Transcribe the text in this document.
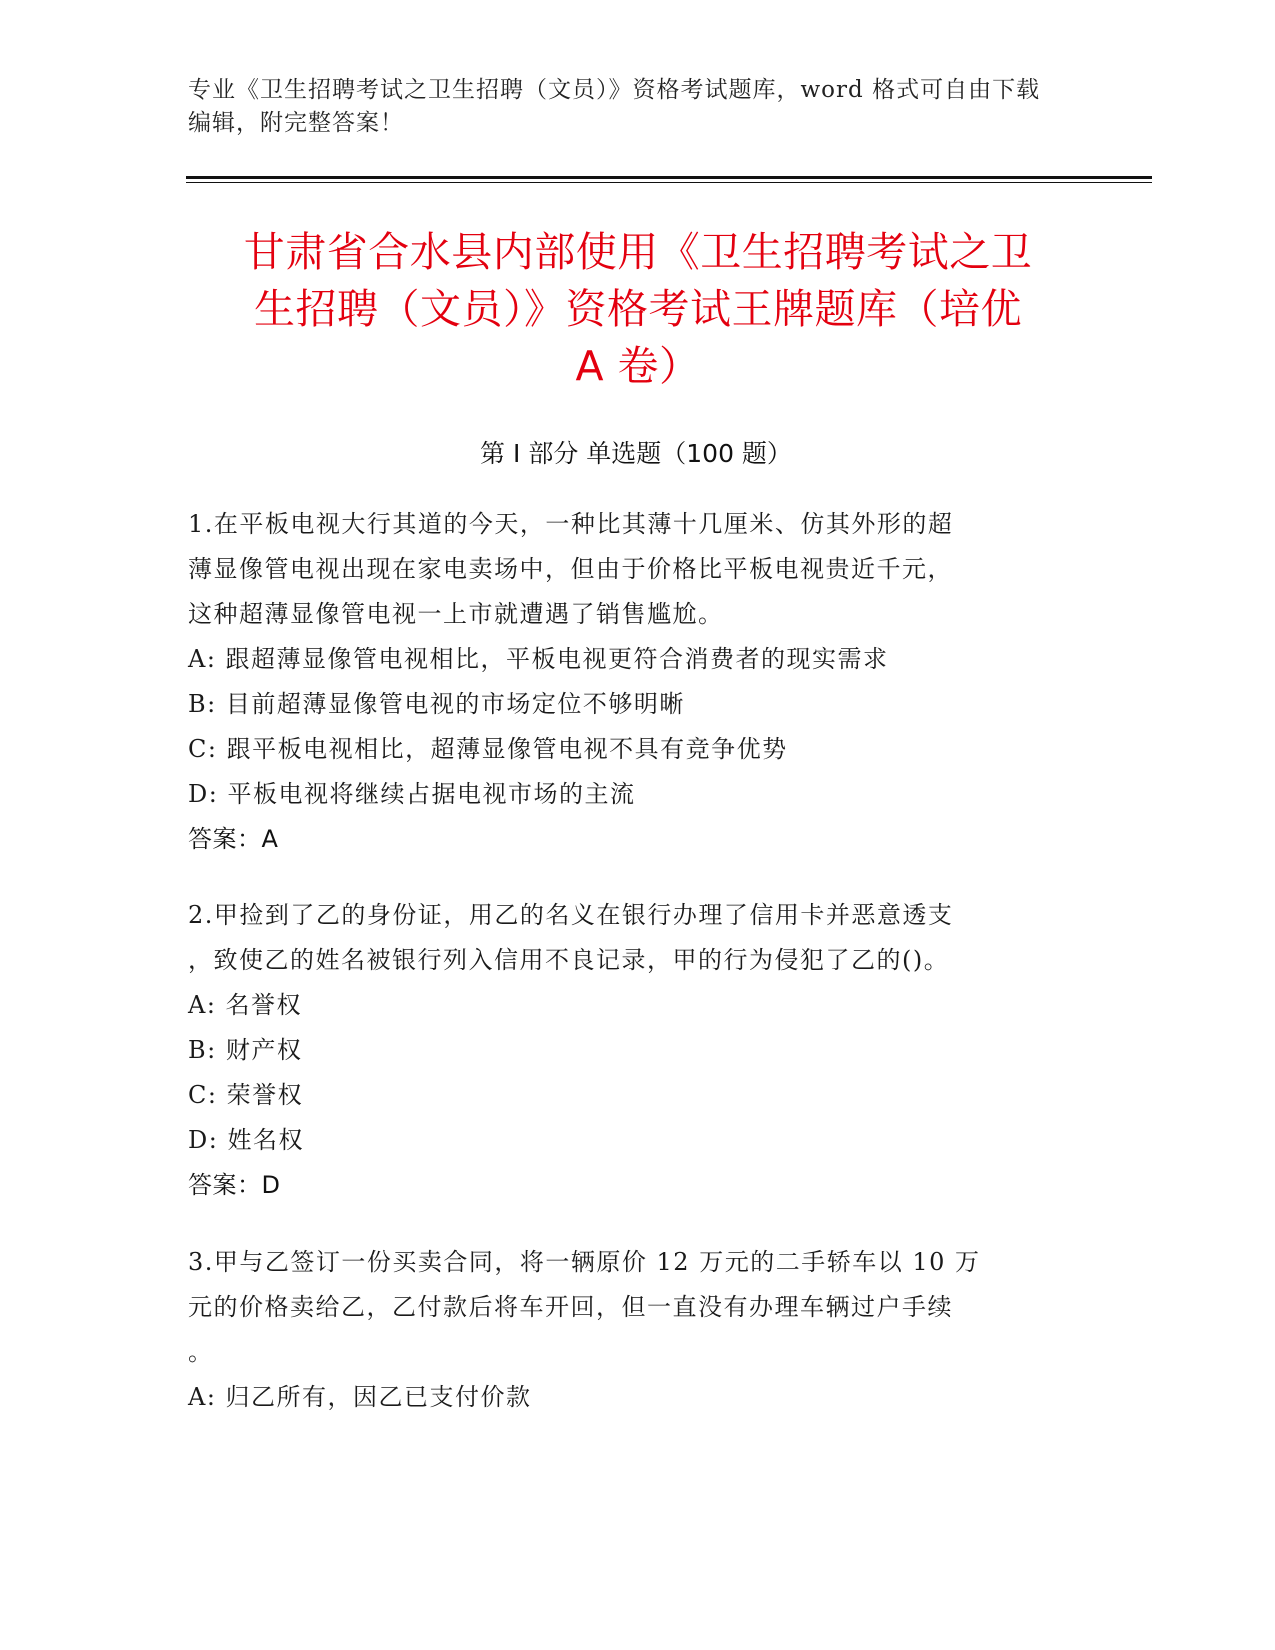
专业《卫生招聘考试之卫生招聘（文员）》资格考试题库，word 格式可自由下载
编辑，附完整答案！
甘肃省合水县内部使用《卫生招聘考试之卫
生招聘（文员）》资格考试王牌题库（培优
A 卷）
第 I 部分 单选题（100 题）
1.在平板电视大行其道的今天，一种比其薄十几厘米、仿其外形的超
薄显像管电视出现在家电卖场中，但由于价格比平板电视贵近千元，
这种超薄显像管电视一上市就遭遇了销售尴尬。
A: 跟超薄显像管电视相比，平板电视更符合消费者的现实需求
B: 目前超薄显像管电视的市场定位不够明晰
C: 跟平板电视相比，超薄显像管电视不具有竞争优势
D: 平板电视将继续占据电视市场的主流
答案：A
2.甲捡到了乙的身份证，用乙的名义在银行办理了信用卡并恶意透支
，致使乙的姓名被银行列入信用不良记录，甲的行为侵犯了乙的()。
A: 名誉权
B: 财产权
C: 荣誉权
D: 姓名权
答案：D
3.甲与乙签订一份买卖合同，将一辆原价 12 万元的二手轿车以 10 万
元的价格卖给乙，乙付款后将车开回，但一直没有办理车辆过户手续
。
A: 归乙所有，因乙已支付价款
